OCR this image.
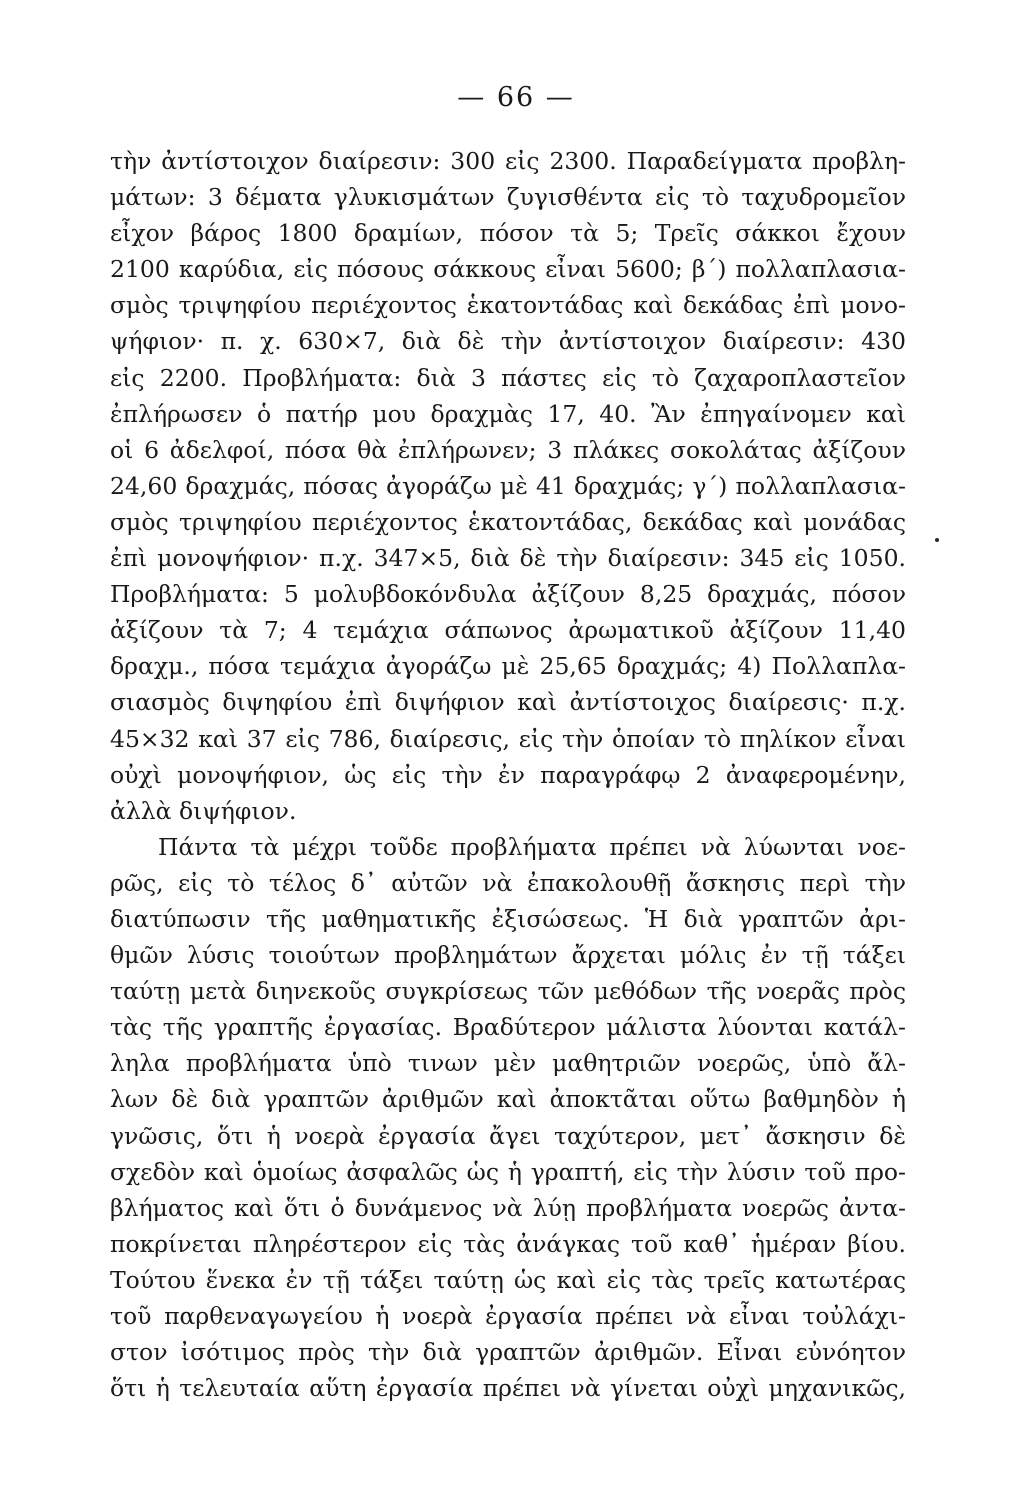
— 66 —
τὴν ἀντίστοιχον διαίρεσιν: 300 εἰς 2300. Παραδείγματα προβλη-
μάτων: 3 δέματα γλυκισμάτων ζυγισθέντα εἰς τὸ ταχυδρομεῖον
εἶχον βάρος 1800 δραμίων, πόσον τὰ 5; Τρεῖς σάκκοι ἔχουν
2100 καρύδια, εἰς πόσους σάκκους εἶναι 5600; β΄) πολλαπλασια-
σμὸς τριψηφίου περιέχοντος ἑκατοντάδας καὶ δεκάδας ἐπὶ μονο-
ψήφιον· π. χ. 630×7, διὰ δὲ τὴν ἀντίστοιχον διαίρεσιν: 430
εἰς 2200. Προβλήματα: διὰ 3 πάστες εἰς τὸ ζαχαροπλαστεῖον
ἐπλήρωσεν ὁ πατήρ μου δραχμὰς 17, 40. Ἂν ἐπηγαίνομεν καὶ
οἱ 6 ἀδελφοί, πόσα θὰ ἐπλήρωνεν; 3 πλάκες σοκολάτας ἀξίζουν
24,60 δραχμάς, πόσας ἀγοράζω μὲ 41 δραχμάς; γ΄) πολλαπλασια-
σμὸς τριψηφίου περιέχοντος ἑκατοντάδας, δεκάδας καὶ μονάδας
ἐπὶ μονοψήφιον· π.χ. 347×5, διὰ δὲ τὴν διαίρεσιν: 345 εἰς 1050.
Προβλήματα: 5 μολυβδοκόνδυλα ἀξίζουν 8,25 δραχμάς, πόσον
ἀξίζουν τὰ 7; 4 τεμάχια σάπωνος ἀρωματικοῦ ἀξίζουν 11,40
δραχμ., πόσα τεμάχια ἀγοράζω μὲ 25,65 δραχμάς; 4) Πολλαπλα-
σιασμὸς διψηφίου ἐπὶ διψήφιον καὶ ἀντίστοιχος διαίρεσις· π.χ.
45×32 καὶ 37 εἰς 786, διαίρεσις, εἰς τὴν ὁποίαν τὸ πηλίκον εἶναι
οὐχὶ μονοψήφιον, ὡς εἰς τὴν ἐν παραγράφῳ 2 ἀναφερομένην,
ἀλλὰ διψήφιον.
Πάντα τὰ μέχρι τοῦδε προβλήματα πρέπει νὰ λύωνται νοε-
ρῶς, εἰς τὸ τέλος δ᾽ αὐτῶν νὰ ἐπακολουθῇ ἄσκησις περὶ τὴν
διατύπωσιν τῆς μαθηματικῆς ἐξισώσεως. Ἡ διὰ γραπτῶν ἀρι-
θμῶν λύσις τοιούτων προβλημάτων ἄρχεται μόλις ἐν τῇ τάξει
ταύτῃ μετὰ διηνεκοῦς συγκρίσεως τῶν μεθόδων τῆς νοερᾶς πρὸς
τὰς τῆς γραπτῆς ἐργασίας. Βραδύτερον μάλιστα λύονται κατάλ-
ληλα προβλήματα ὑπὸ τινων μὲν μαθητριῶν νοερῶς, ὑπὸ ἄλ-
λων δὲ διὰ γραπτῶν ἀριθμῶν καὶ ἀποκτᾶται οὕτω βαθμηδὸν ἡ
γνῶσις, ὅτι ἡ νοερὰ ἐργασία ἄγει ταχύτερον, μετ᾽ ἄσκησιν δὲ
σχεδὸν καὶ ὁμοίως ἀσφαλῶς ὡς ἡ γραπτή, εἰς τὴν λύσιν τοῦ προ-
βλήματος καὶ ὅτι ὁ δυνάμενος νὰ λύῃ προβλήματα νοερῶς ἀντα-
ποκρίνεται πληρέστερον εἰς τὰς ἀνάγκας τοῦ καθ᾽ ἡμέραν βίου.
Τούτου ἕνεκα ἐν τῇ τάξει ταύτῃ ὡς καὶ εἰς τὰς τρεῖς κατωτέρας
τοῦ παρθεναγωγείου ἡ νοερὰ ἐργασία πρέπει νὰ εἶναι τοὐλάχι-
στον ἰσότιμος πρὸς τὴν διὰ γραπτῶν ἀριθμῶν. Εἶναι εὐνόητον
ὅτι ἡ τελευταία αὕτη ἐργασία πρέπει νὰ γίνεται οὐχὶ μηχανικῶς,
